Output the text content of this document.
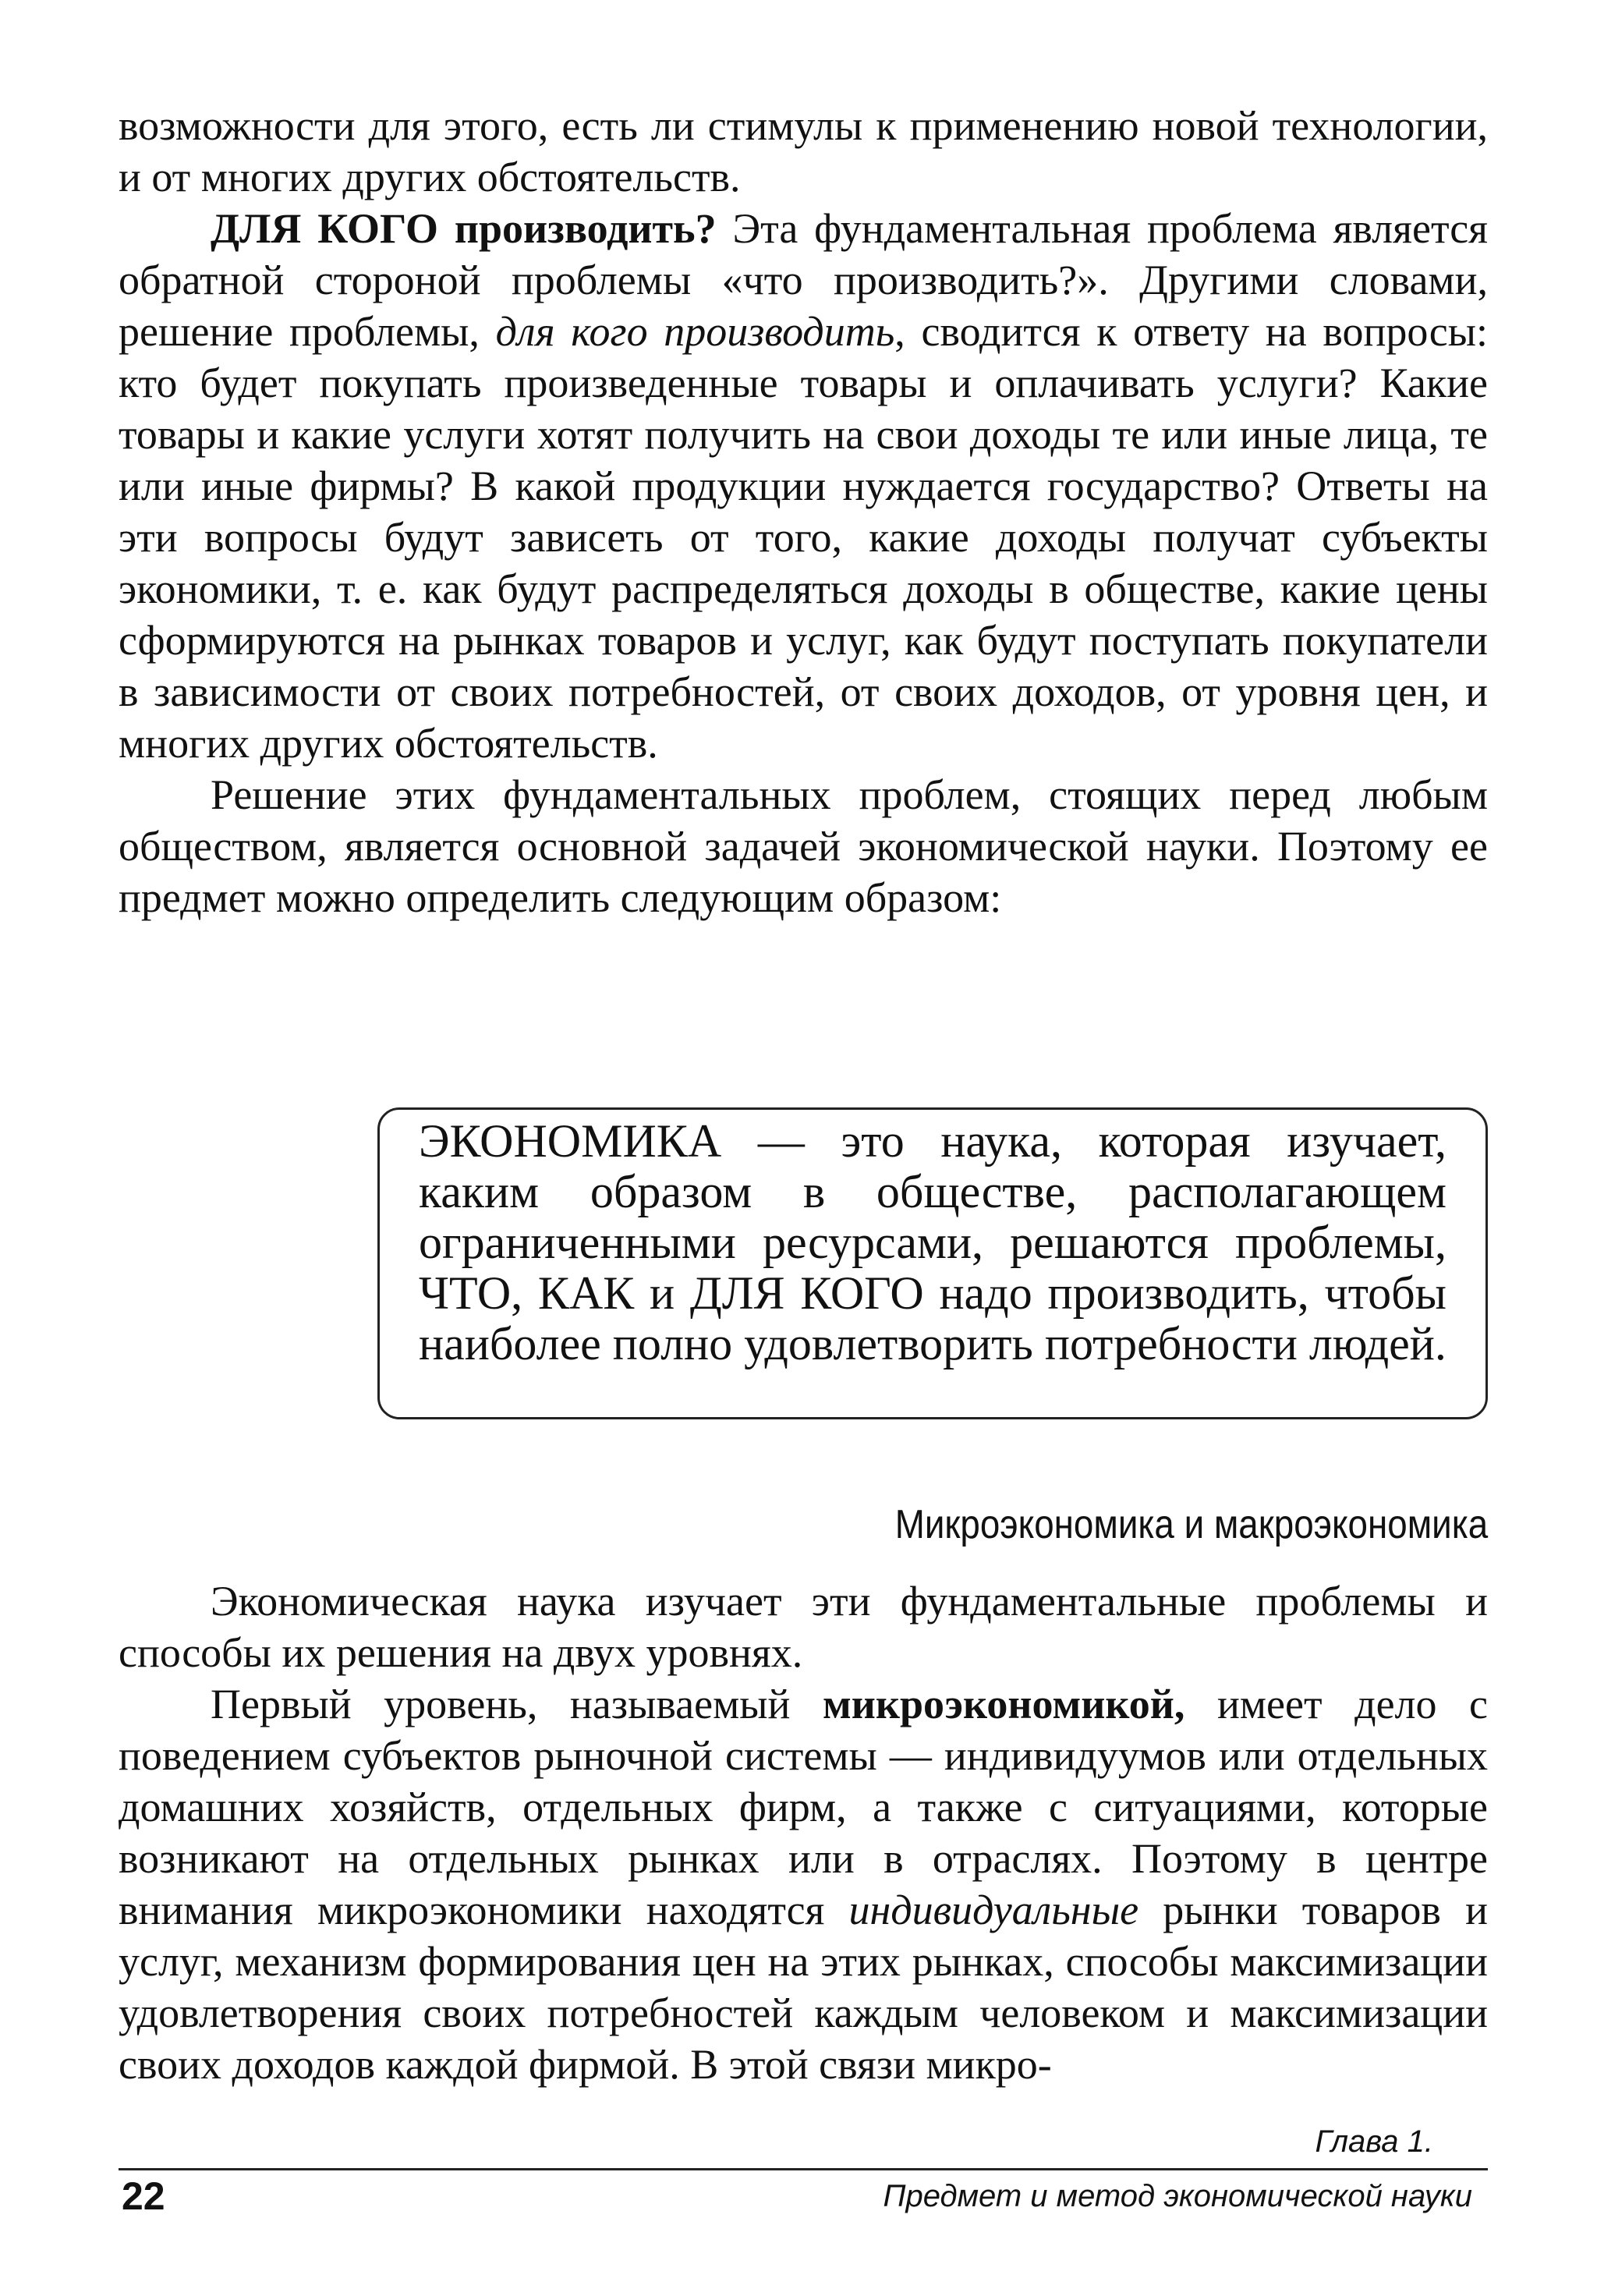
возможности для этого, есть ли стимулы к применению новой технологии, и от многих других обстоятельств.

ДЛЯ КОГО производить? Эта фундаментальная проблема является обратной стороной проблемы «что производить?». Другими словами, решение проблемы, для кого производить, сводится к ответу на вопросы: кто будет покупать произведенные товары и оплачивать услуги? Какие товары и какие услуги хотят получить на свои доходы те или иные лица, те или иные фирмы? В какой продукции нуждается государство? Ответы на эти вопросы будут зависеть от того, какие доходы получат субъекты экономики, т. е. как будут распределяться доходы в обществе, какие цены сформируются на рынках товаров и услуг, как будут поступать покупатели в зависимости от своих потребностей, от своих доходов, от уровня цен, и многих других обстоятельств.

Решение этих фундаментальных проблем, стоящих перед любым обществом, является основной задачей экономической науки. Поэтому ее предмет можно определить следующим образом:

ЭКОНОМИКА — это наука, которая изучает, каким образом в обществе, располагающем ограниченными ресурсами, решаются проблемы, ЧТО, КАК и ДЛЯ КОГО надо производить, чтобы наиболее полно удовлетворить потребности людей.

Микроэкономика и макроэкономика

Экономическая наука изучает эти фундаментальные проблемы и способы их решения на двух уровнях.

Первый уровень, называемый микроэкономикой, имеет дело с поведением субъектов рыночной системы — индивидуумов или отдельных домашних хозяйств, отдельных фирм, а также с ситуациями, которые возникают на отдельных рынках или в отраслях. Поэтому в центре внимания микроэкономики находятся индивидуальные рынки товаров и услуг, механизм формирования цен на этих рынках, способы максимизации удовлетворения своих потребностей каждым человеком и максимизации своих доходов каждой фирмой. В этой связи микро-

Глава 1.
22	Предмет и метод экономической науки
